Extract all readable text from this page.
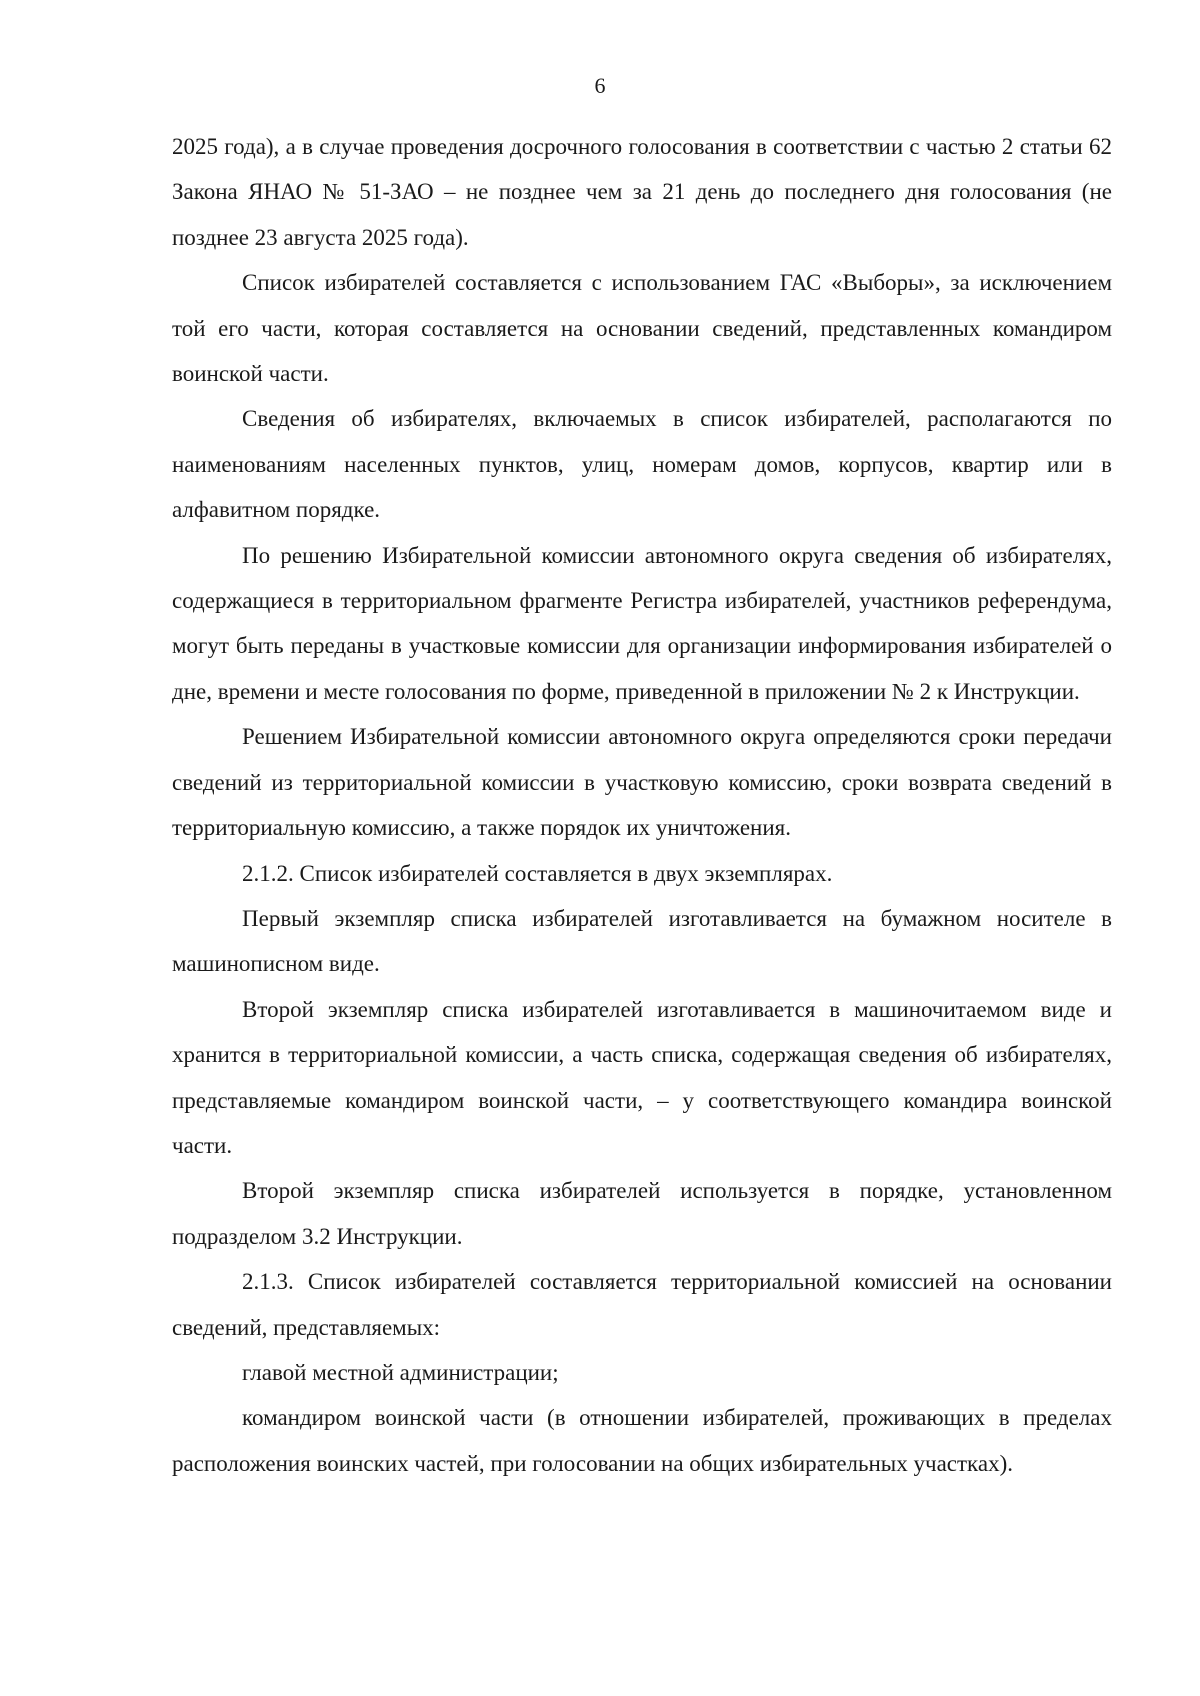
6

2025 года), а в случае проведения досрочного голосования в соответствии с частью 2 статьи 62 Закона ЯНАО № 51-ЗАО – не позднее чем за 21 день до последнего дня голосования (не позднее 23 августа 2025 года).

Список избирателей составляется с использованием ГАС «Выборы», за исключением той его части, которая составляется на основании сведений, представленных командиром воинской части.

Сведения об избирателях, включаемых в список избирателей, располагаются по наименованиям населенных пунктов, улиц, номерам домов, корпусов, квартир или в алфавитном порядке.

По решению Избирательной комиссии автономного округа сведения об избирателях, содержащиеся в территориальном фрагменте Регистра избирателей, участников референдума, могут быть переданы в участковые комиссии для организации информирования избирателей о дне, времени и месте голосования по форме, приведенной в приложении № 2 к Инструкции.

Решением Избирательной комиссии автономного округа определяются сроки передачи сведений из территориальной комиссии в участковую комиссию, сроки возврата сведений в территориальную комиссию, а также порядок их уничтожения.

2.1.2. Список избирателей составляется в двух экземплярах.

Первый экземпляр списка избирателей изготавливается на бумажном носителе в машинописном виде.

Второй экземпляр списка избирателей изготавливается в машиночитаемом виде и хранится в территориальной комиссии, а часть списка, содержащая сведения об избирателях, представляемые командиром воинской части, – у соответствующего командира воинской части.

Второй экземпляр списка избирателей используется в порядке, установленном подразделом 3.2 Инструкции.

2.1.3. Список избирателей составляется территориальной комиссией на основании сведений, представляемых:

главой местной администрации;

командиром воинской части (в отношении избирателей, проживающих в пределах расположения воинских частей, при голосовании на общих избирательных участках).
